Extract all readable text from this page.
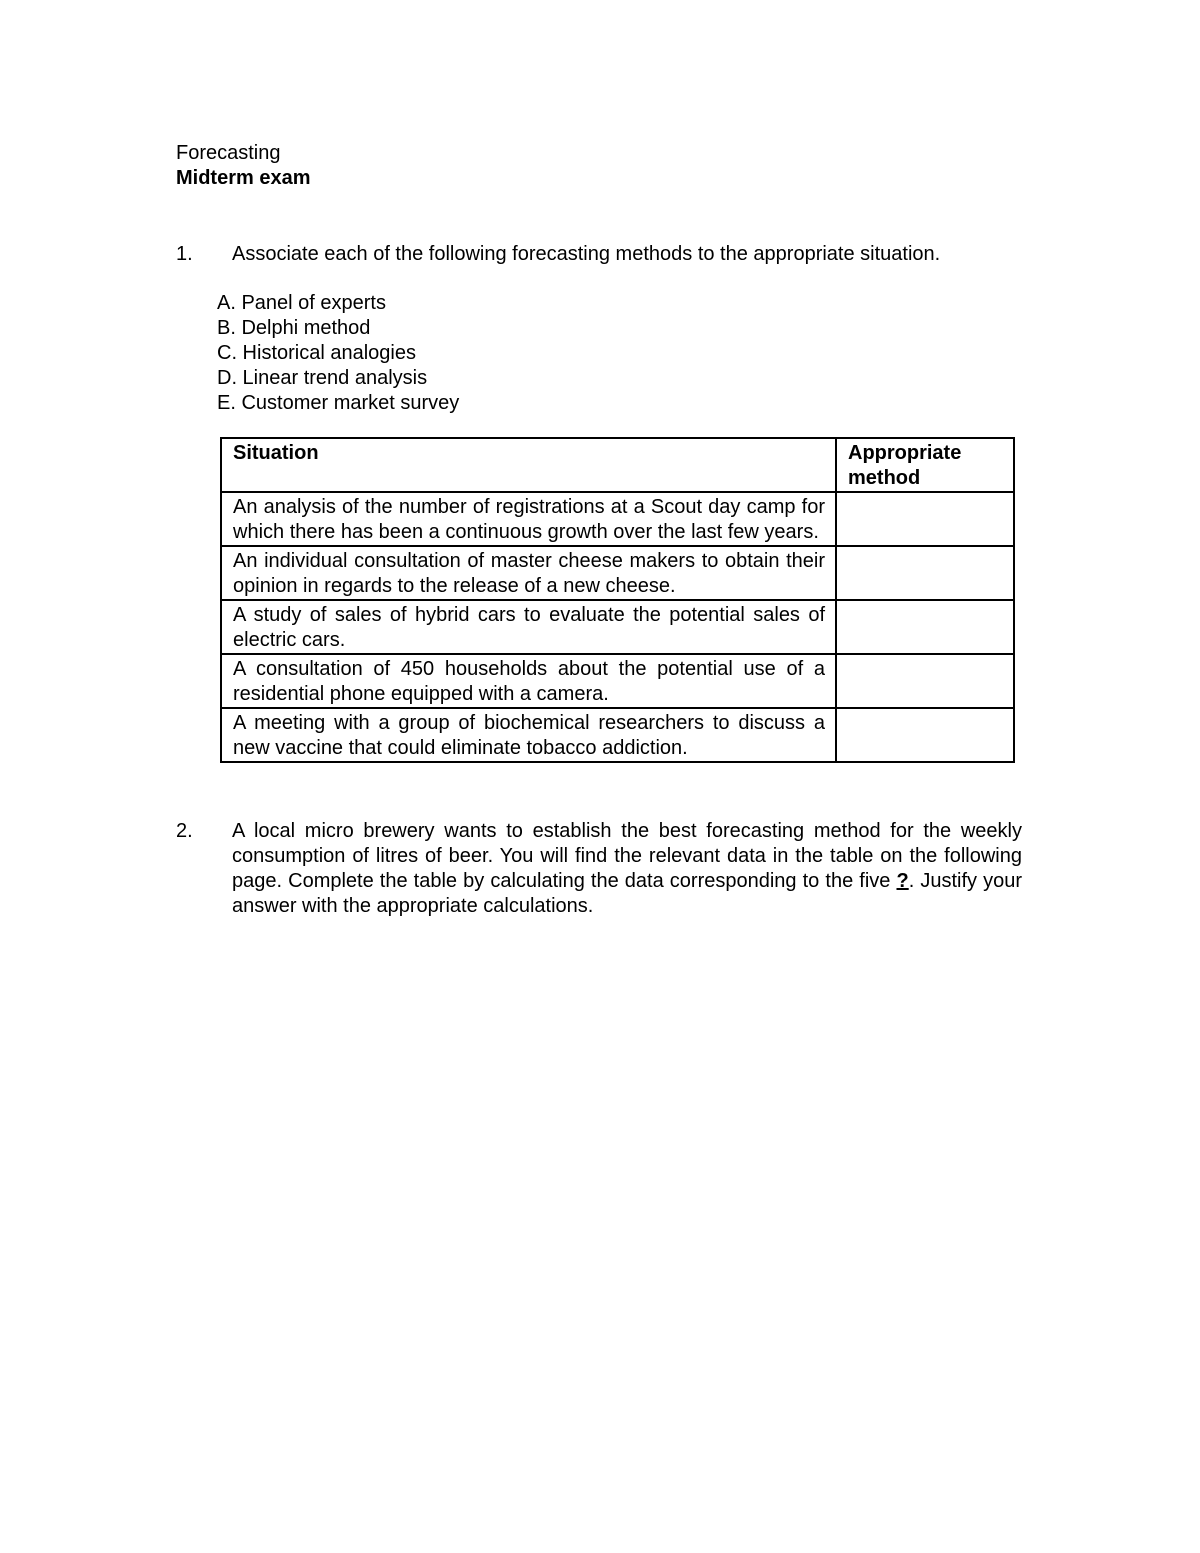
Forecasting

Midterm exam

1. Associate each of the following forecasting methods to the appropriate situation.
A. Panel of experts
B. Delphi method
C. Historical analogies
D. Linear trend analysis
E. Customer market survey
Situation	Appropriate method
An analysis of the number of registrations at a Scout day camp for which there has been a continuous growth over the last few years.	
An individual consultation of master cheese makers to obtain their opinion in regards to the release of a new cheese.	
A study of sales of hybrid cars to evaluate the potential sales of electric cars.	
A consultation of 450 households about the potential use of a residential phone equipped with a camera.	
A meeting with a group of biochemical researchers to discuss a new vaccine that could eliminate tobacco addiction.	
2. A local micro brewery wants to establish the best forecasting method for the weekly consumption of litres of beer. You will find the relevant data in the table on the following page. Complete the table by calculating the data corresponding to the five ?. Justify your answer with the appropriate calculations.
